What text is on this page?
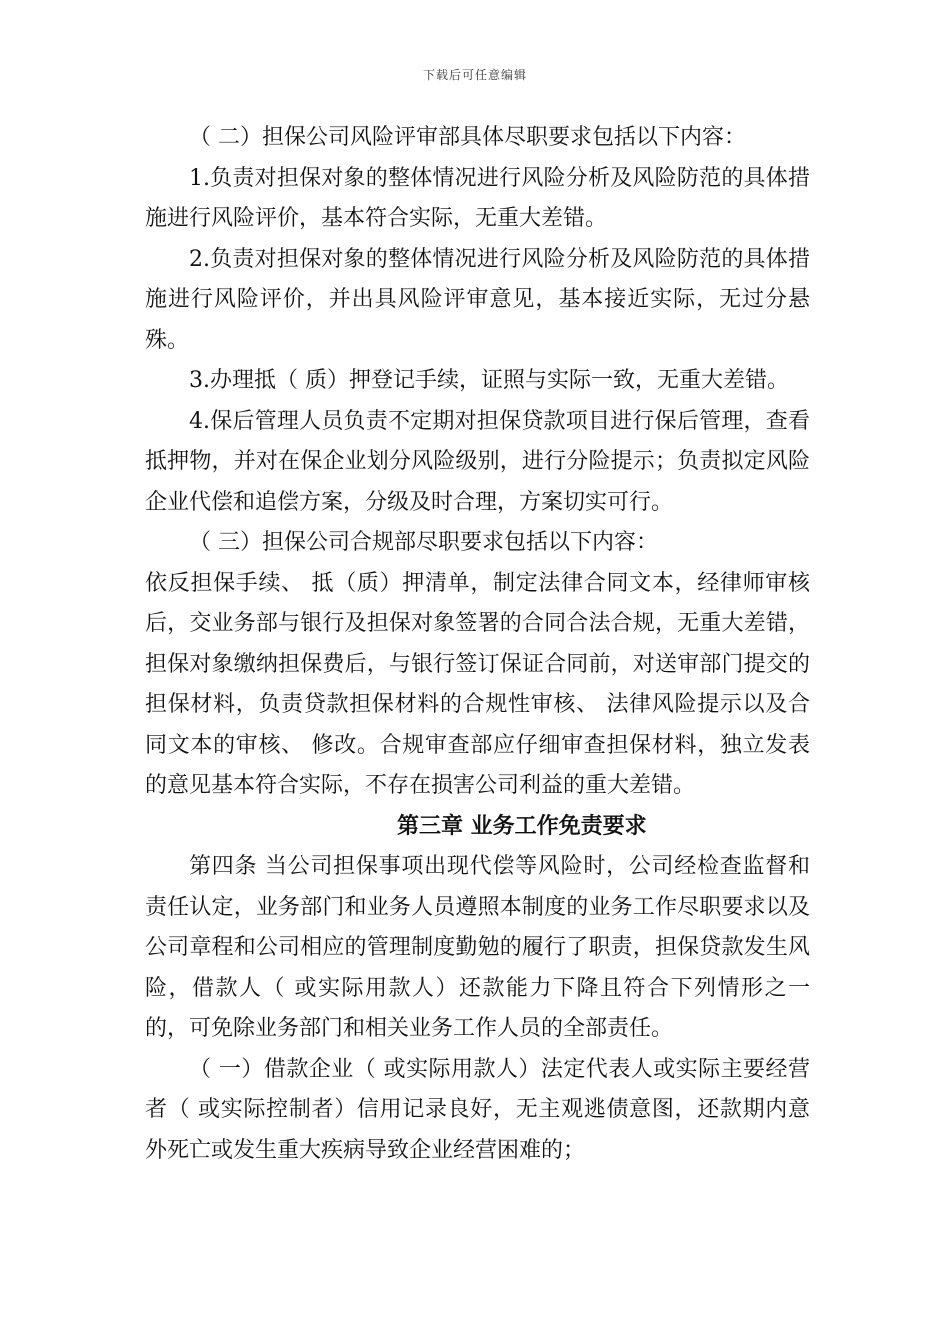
下载后可任意编辑

（ 二）担保公司风险评审部具体尽职要求包括以下内容：

1.负责对担保对象的整体情况进行风险分析及风险防范的具体措施进行风险评价，基本符合实际，无重大差错。

2.负责对担保对象的整体情况进行风险分析及风险防范的具体措施进行风险评价，并出具风险评审意见，基本接近实际，无过分悬殊。

3.办理抵（ 质）押登记手续，证照与实际一致，无重大差错。

4.保后管理人员负责不定期对担保贷款项目进行保后管理，查看抵押物，并对在保企业划分风险级别，进行分险提示；负责拟定风险企业代偿和追偿方案，分级及时合理，方案切实可行。

（ 三）担保公司合规部尽职要求包括以下内容：

依反担保手续、 抵（质）押清单，制定法律合同文本，经律师审核后，交业务部与银行及担保对象签署的合同合法合规，无重大差错，担保对象缴纳担保费后，与银行签订保证合同前，对送审部门提交的担保材料，负责贷款担保材料的合规性审核、 法律风险提示以及合同文本的审核、 修改。合规审查部应仔细审查担保材料，独立发表的意见基本符合实际，不存在损害公司利益的重大差错。

第三章 业务工作免责要求

第四条 当公司担保事项出现代偿等风险时，公司经检查监督和责任认定，业务部门和业务人员遵照本制度的业务工作尽职要求以及公司章程和公司相应的管理制度勤勉的履行了职责，担保贷款发生风险，借款人（ 或实际用款人）还款能力下降且符合下列情形之一的，可免除业务部门和相关业务工作人员的全部责任。

（ 一）借款企业（ 或实际用款人）法定代表人或实际主要经营者（ 或实际控制者）信用记录良好，无主观逃债意图，还款期内意外死亡或发生重大疾病导致企业经营困难的；
